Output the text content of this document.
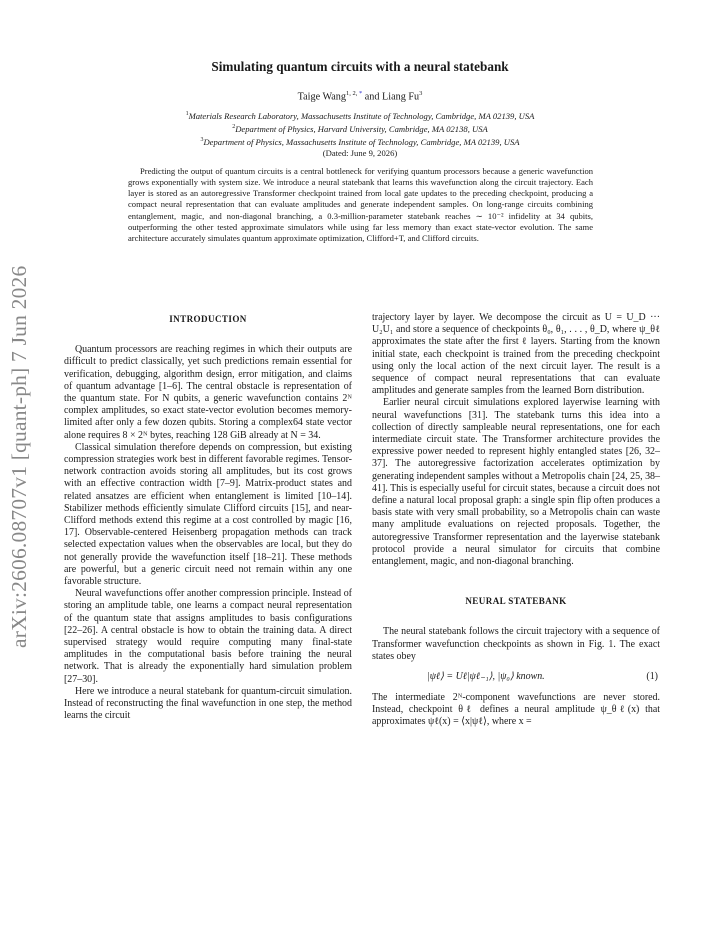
arXiv:2606.08707v1 [quant-ph] 7 Jun 2026
Simulating quantum circuits with a neural statebank
Taige Wang$^{1, 2, *}$ and Liang Fu$^3$
$^1$Materials Research Laboratory, Massachusetts Institute of Technology, Cambridge, MA 02139, USA
$^2$Department of Physics, Harvard University, Cambridge, MA 02138, USA
$^3$Department of Physics, Massachusetts Institute of Technology, Cambridge, MA 02139, USA
(Dated: June 9, 2026)
Predicting the output of quantum circuits is a central bottleneck for verifying quantum processors because a generic wavefunction grows exponentially with system size. We introduce a neural statebank that learns this wavefunction along the circuit trajectory. Each layer is stored as an autoregressive Transformer checkpoint trained from local gate updates to the preceding checkpoint, producing a compact neural representation that can evaluate amplitudes and generate independent samples. On long-range circuits combining entanglement, magic, and non-diagonal branching, a 0.3-million-parameter statebank reaches ∼ 10⁻² infidelity at 34 qubits, outperforming the other tested approximate simulators while using far less memory than exact state-vector evolution. The same architecture accurately simulates quantum approximate optimization, Clifford+T, and Clifford circuits.
INTRODUCTION

Quantum processors are reaching regimes in which their outputs are difficult to predict classically, yet such predictions remain essential for verification, debugging, algorithm design, error mitigation, and claims of quantum advantage [1–6]. The central obstacle is representation of the quantum state. For N qubits, a generic wavefunction contains 2ᴺ complex amplitudes, so exact state-vector evolution becomes memory-limited after only a few dozen qubits. Storing a complex64 state vector alone requires 8 × 2ᴺ bytes, reaching 128 GiB already at N = 34.

Classical simulation therefore depends on compression, but existing compression strategies work best in different favorable regimes. Tensor-network contraction avoids storing all amplitudes, but its cost grows with an effective contraction width [7–9]. Matrix-product states and related ansatzes are efficient when entanglement is limited [10–14]. Stabilizer methods efficiently simulate Clifford circuits [15], and near-Clifford methods extend this regime at a cost controlled by magic [16, 17]. Observable-centered Heisenberg propagation methods can track selected expectation values when the observables are local, but they do not generally provide the wavefunction itself [18–21]. These methods are powerful, but a generic circuit need not remain within any one favorable structure.

Neural wavefunctions offer another compression principle. Instead of storing an amplitude table, one learns a compact neural representation of the quantum state that assigns amplitudes to basis configurations [22–26]. A central obstacle is how to obtain the training data. A direct supervised strategy would require computing many final-state amplitudes in the computational basis before training the neural network. That is already the exponentially hard simulation problem [27–30].

Here we introduce a neural statebank for quantum-circuit simulation. Instead of reconstructing the final wavefunction in one step, the method learns the circuit

trajectory layer by layer. We decompose the circuit as U = U_D ··· U₂U₁ and store a sequence of checkpoints θ₀, θ₁, . . . , θ_D, where ψ_θℓ approximates the state after the first ℓ layers. Starting from the known initial state, each checkpoint is trained from the preceding checkpoint using only the local action of the next circuit layer. The result is a sequence of compact neural representations that can evaluate amplitudes and generate samples from the learned Born distribution.

Earlier neural circuit simulations explored layerwise learning with neural wavefunctions [31]. The statebank turns this idea into a collection of directly sampleable neural representations, one for each intermediate circuit state. The Transformer architecture provides the expressive power needed to represent highly entangled states [26, 32–37]. The autoregressive factorization accelerates optimization by generating independent samples without a Metropolis chain [24, 25, 38–41]. This is especially useful for circuit states, because a circuit does not define a natural local proposal graph: a single spin flip often produces a basis state with very small probability, so a Metropolis chain can waste many amplitude evaluations on rejected proposals. Together, the autoregressive Transformer representation and the layerwise statebank protocol provide a neural simulator for circuits that combine entanglement, magic, and non-diagonal branching.

NEURAL STATEBANK

The neural statebank follows the circuit trajectory with a sequence of Transformer wavefunction checkpoints as shown in Fig. 1. The exact states obey

|ψℓ⟩ = Uℓ|ψℓ₋₁⟩, |ψ₀⟩ known.	(1)

The intermediate 2ᴺ-component wavefunctions are never stored. Instead, checkpoint θℓ defines a neural amplitude ψ_θℓ(x) that approximates ψℓ(x) = ⟨x|ψℓ⟩, where x =
